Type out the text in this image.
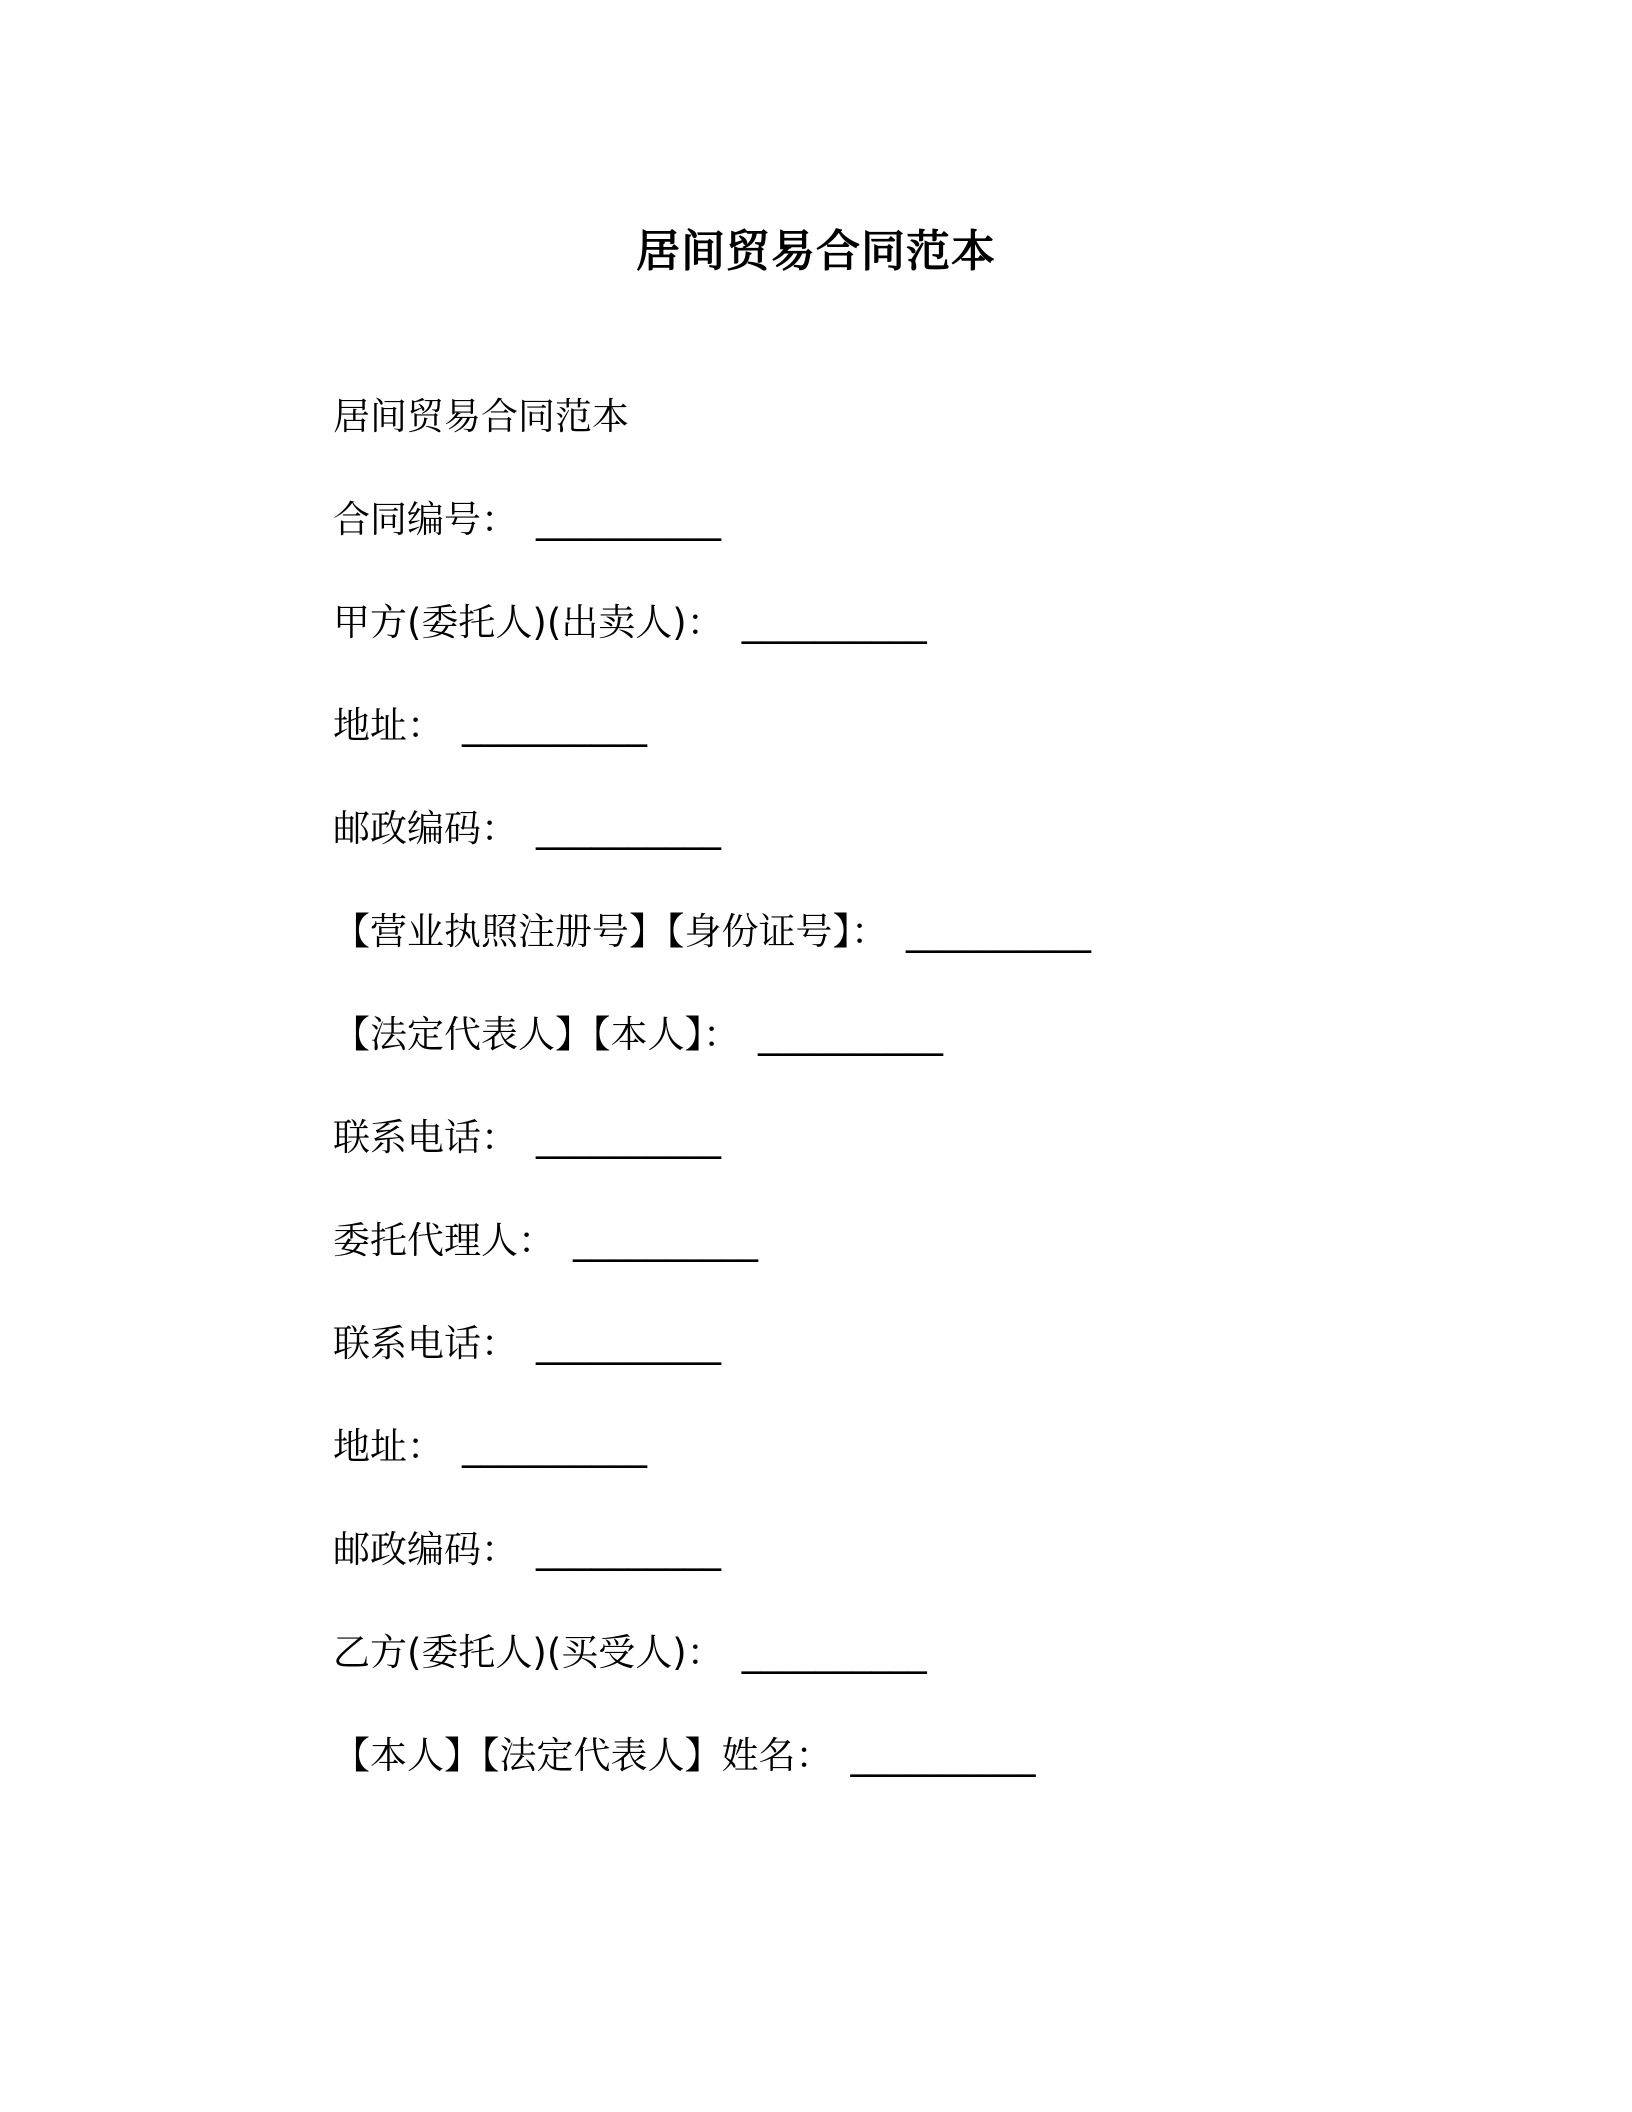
居间贸易合同范本
居间贸易合同范本
合同编号： __________
甲方(委托人)(出卖人)： __________
地址： __________
邮政编码： __________
【营业执照注册号】【身份证号】： __________
【法定代表人】【本人】： __________
联系电话： __________
委托代理人： __________
联系电话： __________
地址： __________
邮政编码： __________
乙方(委托人)(买受人)： __________
【本人】【法定代表人】姓名： __________
